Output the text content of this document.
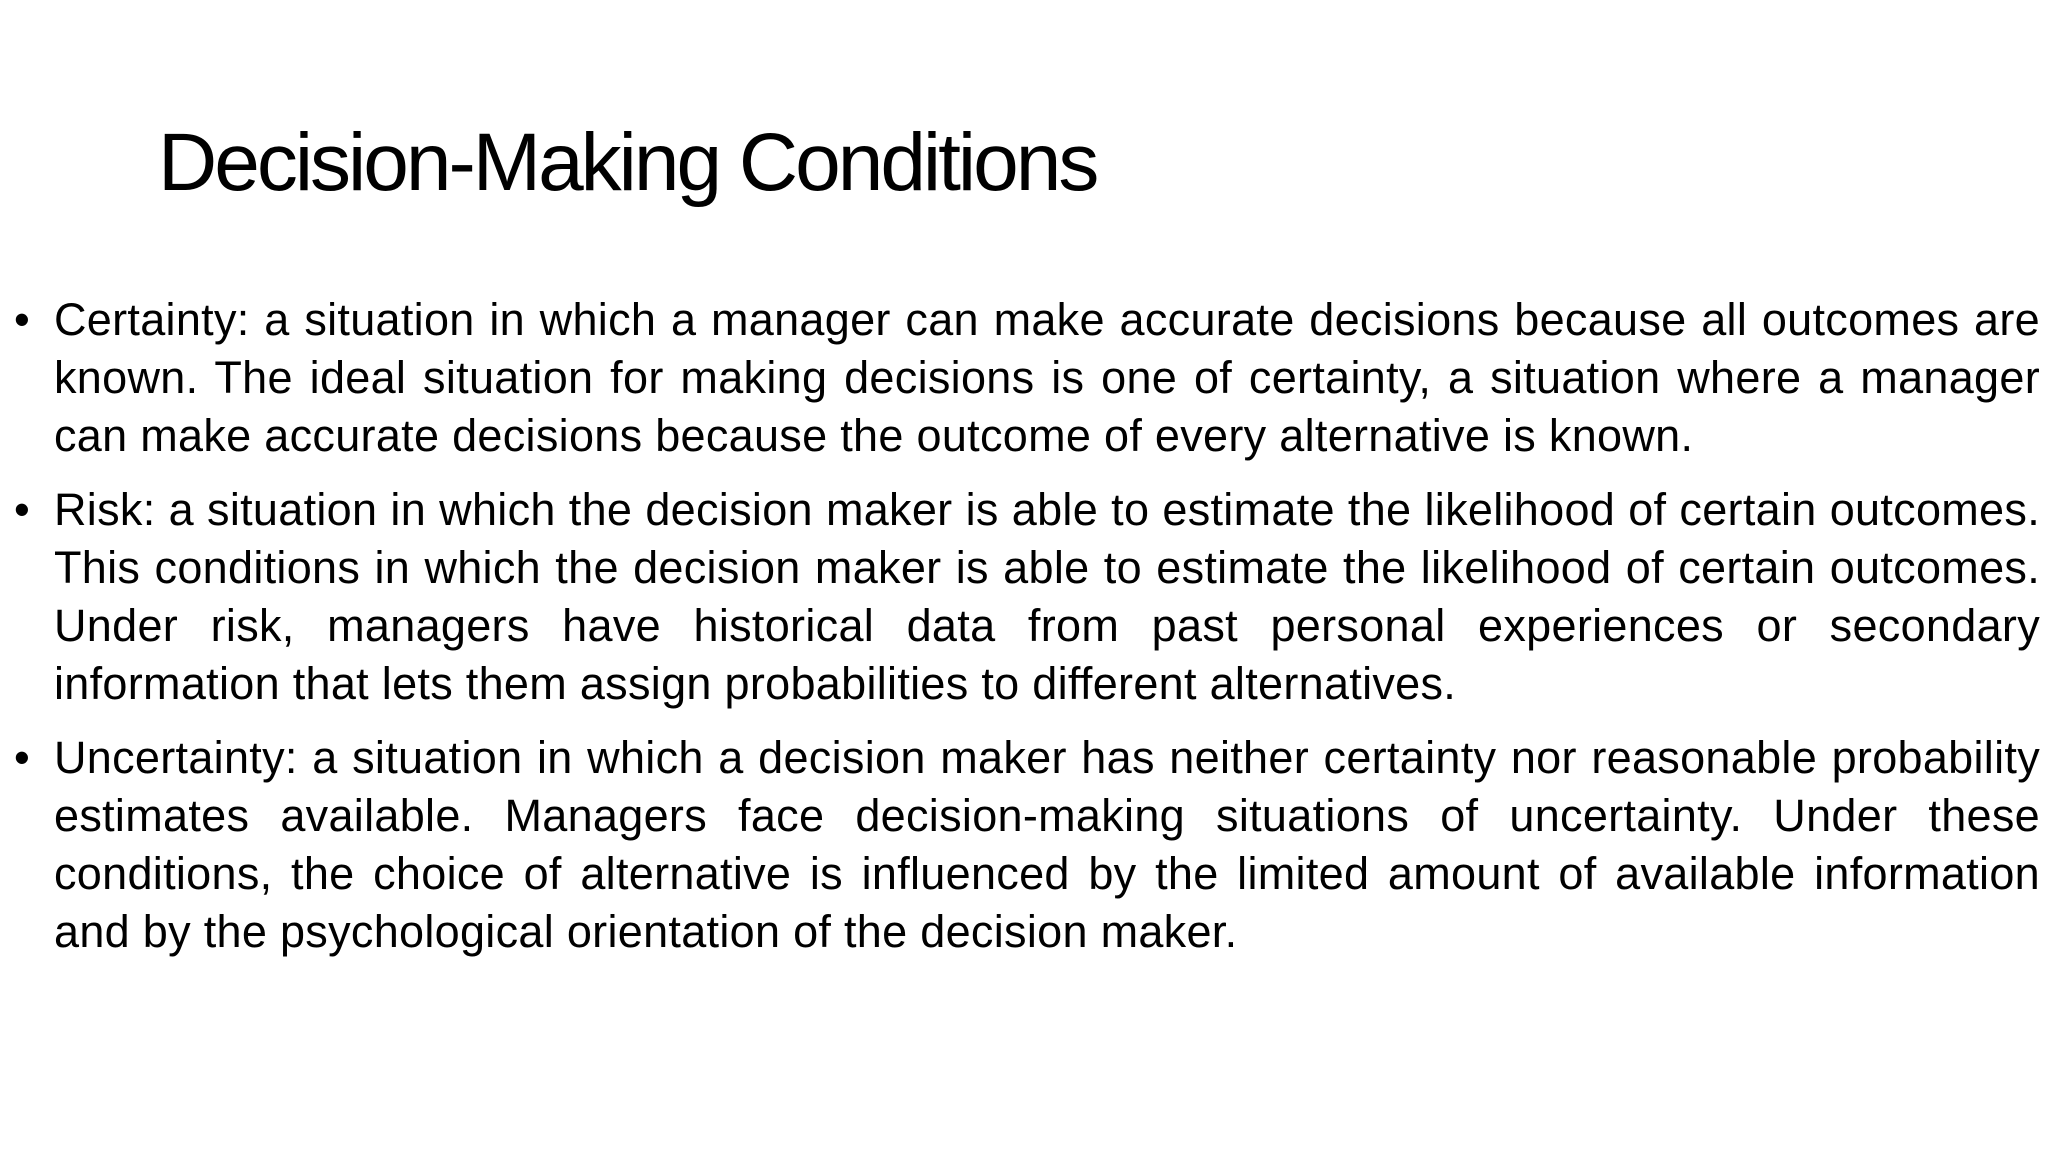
Decision-Making Conditions
• Certainty: a situation in which a manager can make accurate decisions because all outcomes are known. The ideal situation for making decisions is one of certainty, a situation where a manager can make accurate decisions because the outcome of every alternative is known.
• Risk: a situation in which the decision maker is able to estimate the likelihood of certain outcomes. This conditions in which the decision maker is able to estimate the likelihood of certain outcomes. Under risk, managers have historical data from past personal experiences or secondary information that lets them assign probabilities to different alternatives.
• Uncertainty: a situation in which a decision maker has neither certainty nor reasonable probability estimates available. Managers face decision-making situations of uncertainty. Under these conditions, the choice of alternative is influenced by the limited amount of available information and by the psychological orientation of the decision maker.
